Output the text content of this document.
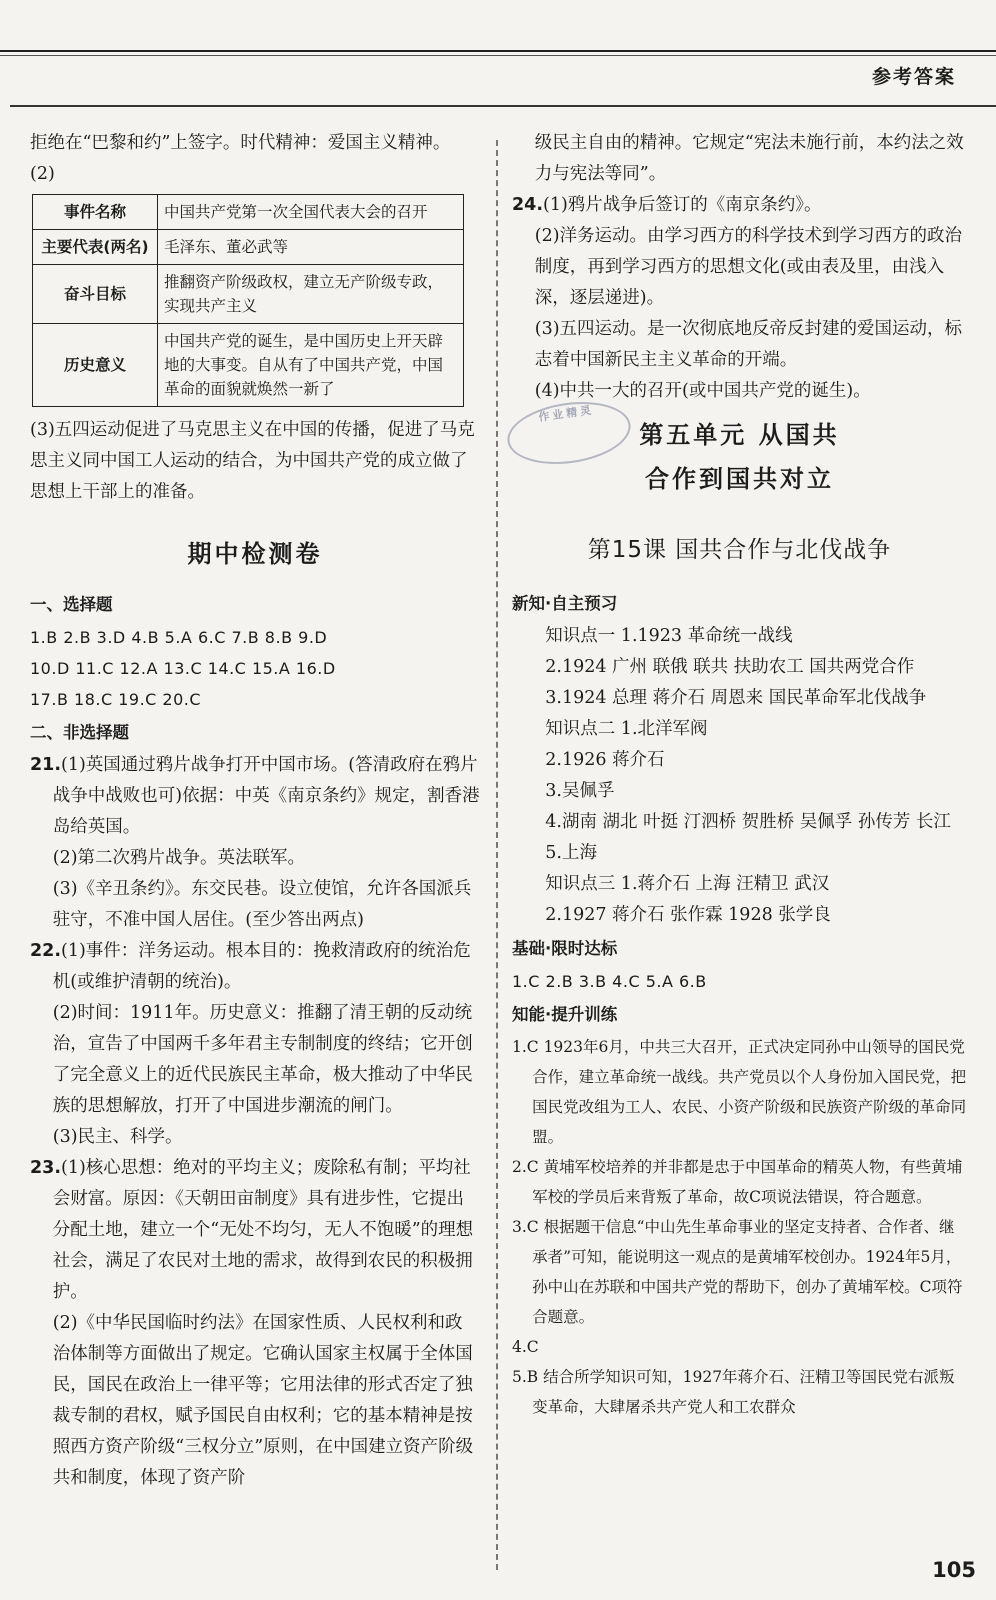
参考答案

拒绝在“巴黎和约”上签字。时代精神：爱国主义精神。

(2)

事件名称	中国共产党第一次全国代表大会的召开
主要代表(两名)	毛泽东、董必武等
奋斗目标	推翻资产阶级政权，建立无产阶级专政，实现共产主义
历史意义	中国共产党的诞生，是中国历史上开天辟地的大事变。自从有了中国共产党，中国革命的面貌就焕然一新了

(3)五四运动促进了马克思主义在中国的传播，促进了马克思主义同中国工人运动的结合，为中国共产党的成立做了思想上干部上的准备。

期中检测卷
一、选择题

1.B 2.B 3.D 4.B 5.A 6.C 7.B 8.B 9.D

10.D 11.C 12.A 13.C 14.C 15.A 16.D

17.B 18.C 19.C 20.C

二、非选择题

21.(1)英国通过鸦片战争打开中国市场。(答清政府在鸦片战争中战败也可)依据：中英《南京条约》规定，割香港岛给英国。

(2)第二次鸦片战争。英法联军。

(3)《辛丑条约》。东交民巷。设立使馆，允许各国派兵驻守，不准中国人居住。(至少答出两点)

22.(1)事件：洋务运动。根本目的：挽救清政府的统治危机(或维护清朝的统治)。

(2)时间：1911年。历史意义：推翻了清王朝的反动统治，宣告了中国两千多年君主专制制度的终结；它开创了完全意义上的近代民族民主革命，极大推动了中华民族的思想解放，打开了中国进步潮流的闸门。

(3)民主、科学。

23.(1)核心思想：绝对的平均主义；废除私有制；平均社会财富。原因：《天朝田亩制度》具有进步性，它提出分配土地，建立一个“无处不均匀，无人不饱暖”的理想社会，满足了农民对土地的需求，故得到农民的积极拥护。

(2)《中华民国临时约法》在国家性质、人民权利和政治体制等方面做出了规定。它确认国家主权属于全体国民，国民在政治上一律平等；它用法律的形式否定了独裁专制的君权，赋予国民自由权利；它的基本精神是按照西方资产阶级“三权分立”原则，在中国建立资产阶级共和制度，体现了资产阶

级民主自由的精神。它规定“宪法未施行前，本约法之效力与宪法等同”。

24.(1)鸦片战争后签订的《南京条约》。

(2)洋务运动。由学习西方的科学技术到学习西方的政治制度，再到学习西方的思想文化(或由表及里，由浅入深，逐层递进)。

(3)五四运动。是一次彻底地反帝反封建的爱国运动，标志着中国新民主主义革命的开端。

(4)中共一大的召开(或中国共产党的诞生)。

作业精灵
第五单元 从国共
合作到国共对立
第15课 国共合作与北伐战争
新知·自主预习

知识点一 1.1923 革命统一战线

2.1924 广州 联俄 联共 扶助农工 国共两党合作

3.1924 总理 蒋介石 周恩来 国民革命军北伐战争

知识点二 1.北洋军阀

2.1926 蒋介石

3.吴佩孚

4.湖南 湖北 叶挺 汀泗桥 贺胜桥 吴佩孚 孙传芳 长江

5.上海

知识点三 1.蒋介石 上海 汪精卫 武汉

2.1927 蒋介石 张作霖 1928 张学良

基础·限时达标

1.C 2.B 3.B 4.C 5.A 6.B

知能·提升训练

1.C 1923年6月，中共三大召开，正式决定同孙中山领导的国民党合作，建立革命统一战线。共产党员以个人身份加入国民党，把国民党改组为工人、农民、小资产阶级和民族资产阶级的革命同盟。

2.C 黄埔军校培养的并非都是忠于中国革命的精英人物，有些黄埔军校的学员后来背叛了革命，故C项说法错误，符合题意。

3.C 根据题干信息“中山先生革命事业的坚定支持者、合作者、继承者”可知，能说明这一观点的是黄埔军校创办。1924年5月，孙中山在苏联和中国共产党的帮助下，创办了黄埔军校。C项符合题意。

4.C

5.B 结合所学知识可知，1927年蒋介石、汪精卫等国民党右派叛变革命，大肆屠杀共产党人和工农群众

105
